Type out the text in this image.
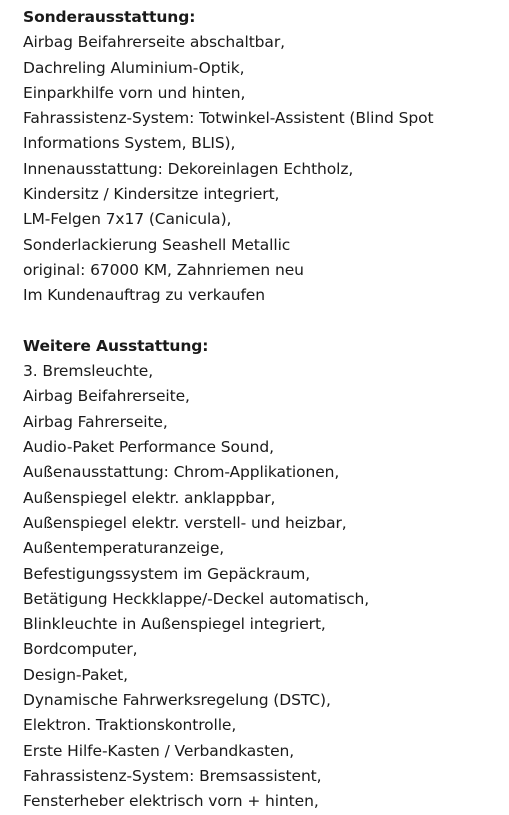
Sonderausstattung:

Airbag Beifahrerseite abschaltbar,

Dachreling Aluminium-Optik,

Einparkhilfe vorn und hinten,

Fahrassistenz-System: Totwinkel-Assistent (Blind Spot Informations System, BLIS),

Innenausstattung: Dekoreinlagen Echtholz,

Kindersitz / Kindersitze integriert,

LM-Felgen 7x17 (Canicula),

Sonderlackierung Seashell Metallic

original: 67000 KM, Zahnriemen neu

Im Kundenauftrag zu verkaufen

Weitere Ausstattung:

3. Bremsleuchte,

Airbag Beifahrerseite,

Airbag Fahrerseite,

Audio-Paket Performance Sound,

Außenausstattung: Chrom-Applikationen,

Außenspiegel elektr. anklappbar,

Außenspiegel elektr. verstell- und heizbar,

Außentemperaturanzeige,

Befestigungssystem im Gepäckraum,

Betätigung Heckklappe/-Deckel automatisch,

Blinkleuchte in Außenspiegel integriert,

Bordcomputer,

Design-Paket,

Dynamische Fahrwerksregelung (DSTC),

Elektron. Traktionskontrolle,

Erste Hilfe-Kasten / Verbandkasten,

Fahrassistenz-System: Bremsassistent,

Fensterheber elektrisch vorn + hinten,
